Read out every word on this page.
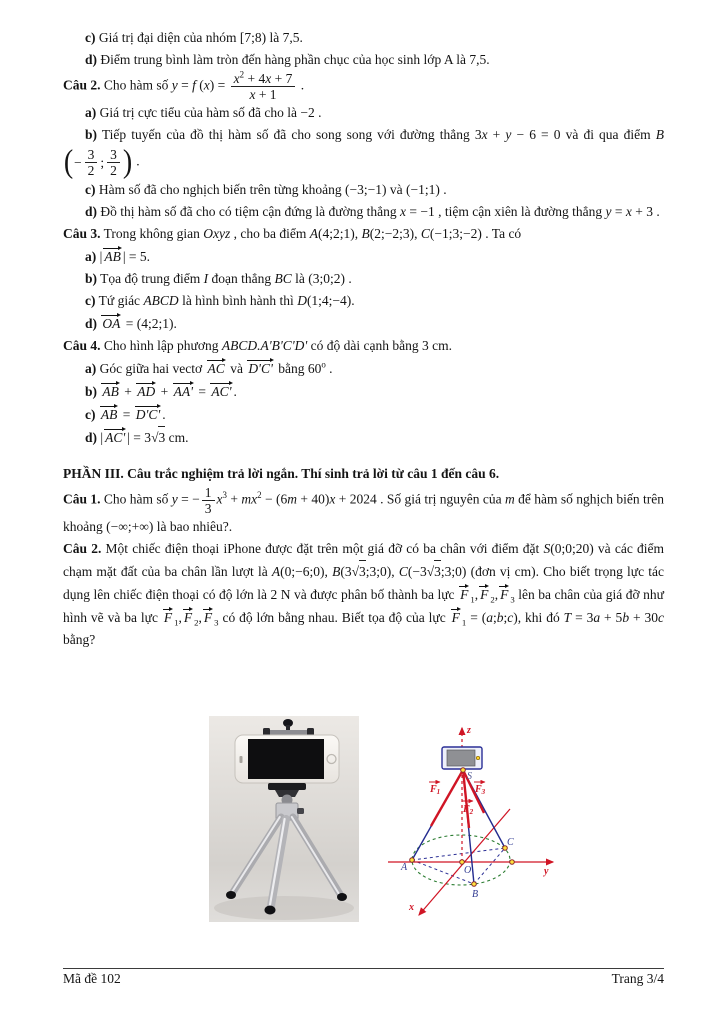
c) Giá trị đại diện của nhóm [7;8) là 7,5.
d) Điểm trung bình làm tròn đến hàng phần chục của học sinh lớp A là 7,5.
Câu 2. Cho hàm số y = f $(x) = \frac{x^2 + 4x + 7}{x + 1}$ .
a) Giá trị cực tiểu của hàm số đã cho là −2 .
b) Tiếp tuyến của đồ thị hàm số đã cho song song với đường thẳng 3x + y − 6 = 0 và đi qua điểm B
( − $\frac{3}{2}$ ; $\frac{3}{2}$ ) .
c) Hàm số đã cho nghịch biến trên từng khoảng (−3;−1) và (−1;1) .
d) Đồ thị hàm số đã cho có tiệm cận đứng là đường thẳng x = −1 , tiệm cận xiên là đường thẳng y = x + 3 .
Câu 3. Trong không gian Oxyz , cho ba điểm A(4;2;1), B(2;−2;3), C(−1;3;−2) . Ta có
a) | AB | = 5.
b) Tọa độ trung điểm I đoạn thẳng BC là (3;0;2) .
c) Tứ giác ABCD là hình bình hành thì D(1;4;−4).
d) OA = (4;2;1).
Câu 4. Cho hình lập phương ABCD.A'B'C'D' có độ dài cạnh bằng 3 cm.
a) Góc giữa hai vectơ
AC và
D'C' bằng 60$^o$ .
b) AB +
AD +
AA' =
AC' .
c) AB =
D'C' .
d) | AC' | = 3 √ 3 cm.
PHẦN III. Câu trắc nghiệm trả lời ngắn. Thí sinh trả lời từ câu 1 đến câu 6.
Câu 1. Cho hàm số y = − $\frac{1}{3} x^3 + mx^2 - (6m + 40)x + 2024$ . Số giá trị nguyên của m để hàm số nghịch biến trên khoảng (−∞;+∞) là bao nhiêu?.
Câu 2. Một chiếc điện thoại iPhone được đặt trên một giá đỡ có ba chân với điểm đặt S(0;0;20) và các điểm chạm mặt đất của ba chân lần lượt là A(0;−6;0), B(3 √ 3 ;3;0), C(−3 √ 3 ;3;0) (đơn vị cm). Cho biết trọng lực tác dụng lên chiếc điện thoại có độ lớn là 2 N và được phân bố thành ba lực
F $_1$, F $_2$, F $_3$ lên ba chân của giá đỡ như hình vẽ và ba lực
F $_1$, F $_2$, F $_3$ có độ lớn bằng nhau. Biết tọa độ của lực
F $_1$ = (a;b;c), khi đó T = 3a + 5b + 30c bằng?
z
y
x
S
A	O
B
C
$F_1$
$F_2$
$F_3$
Mã đề 102	Trang 3/4
